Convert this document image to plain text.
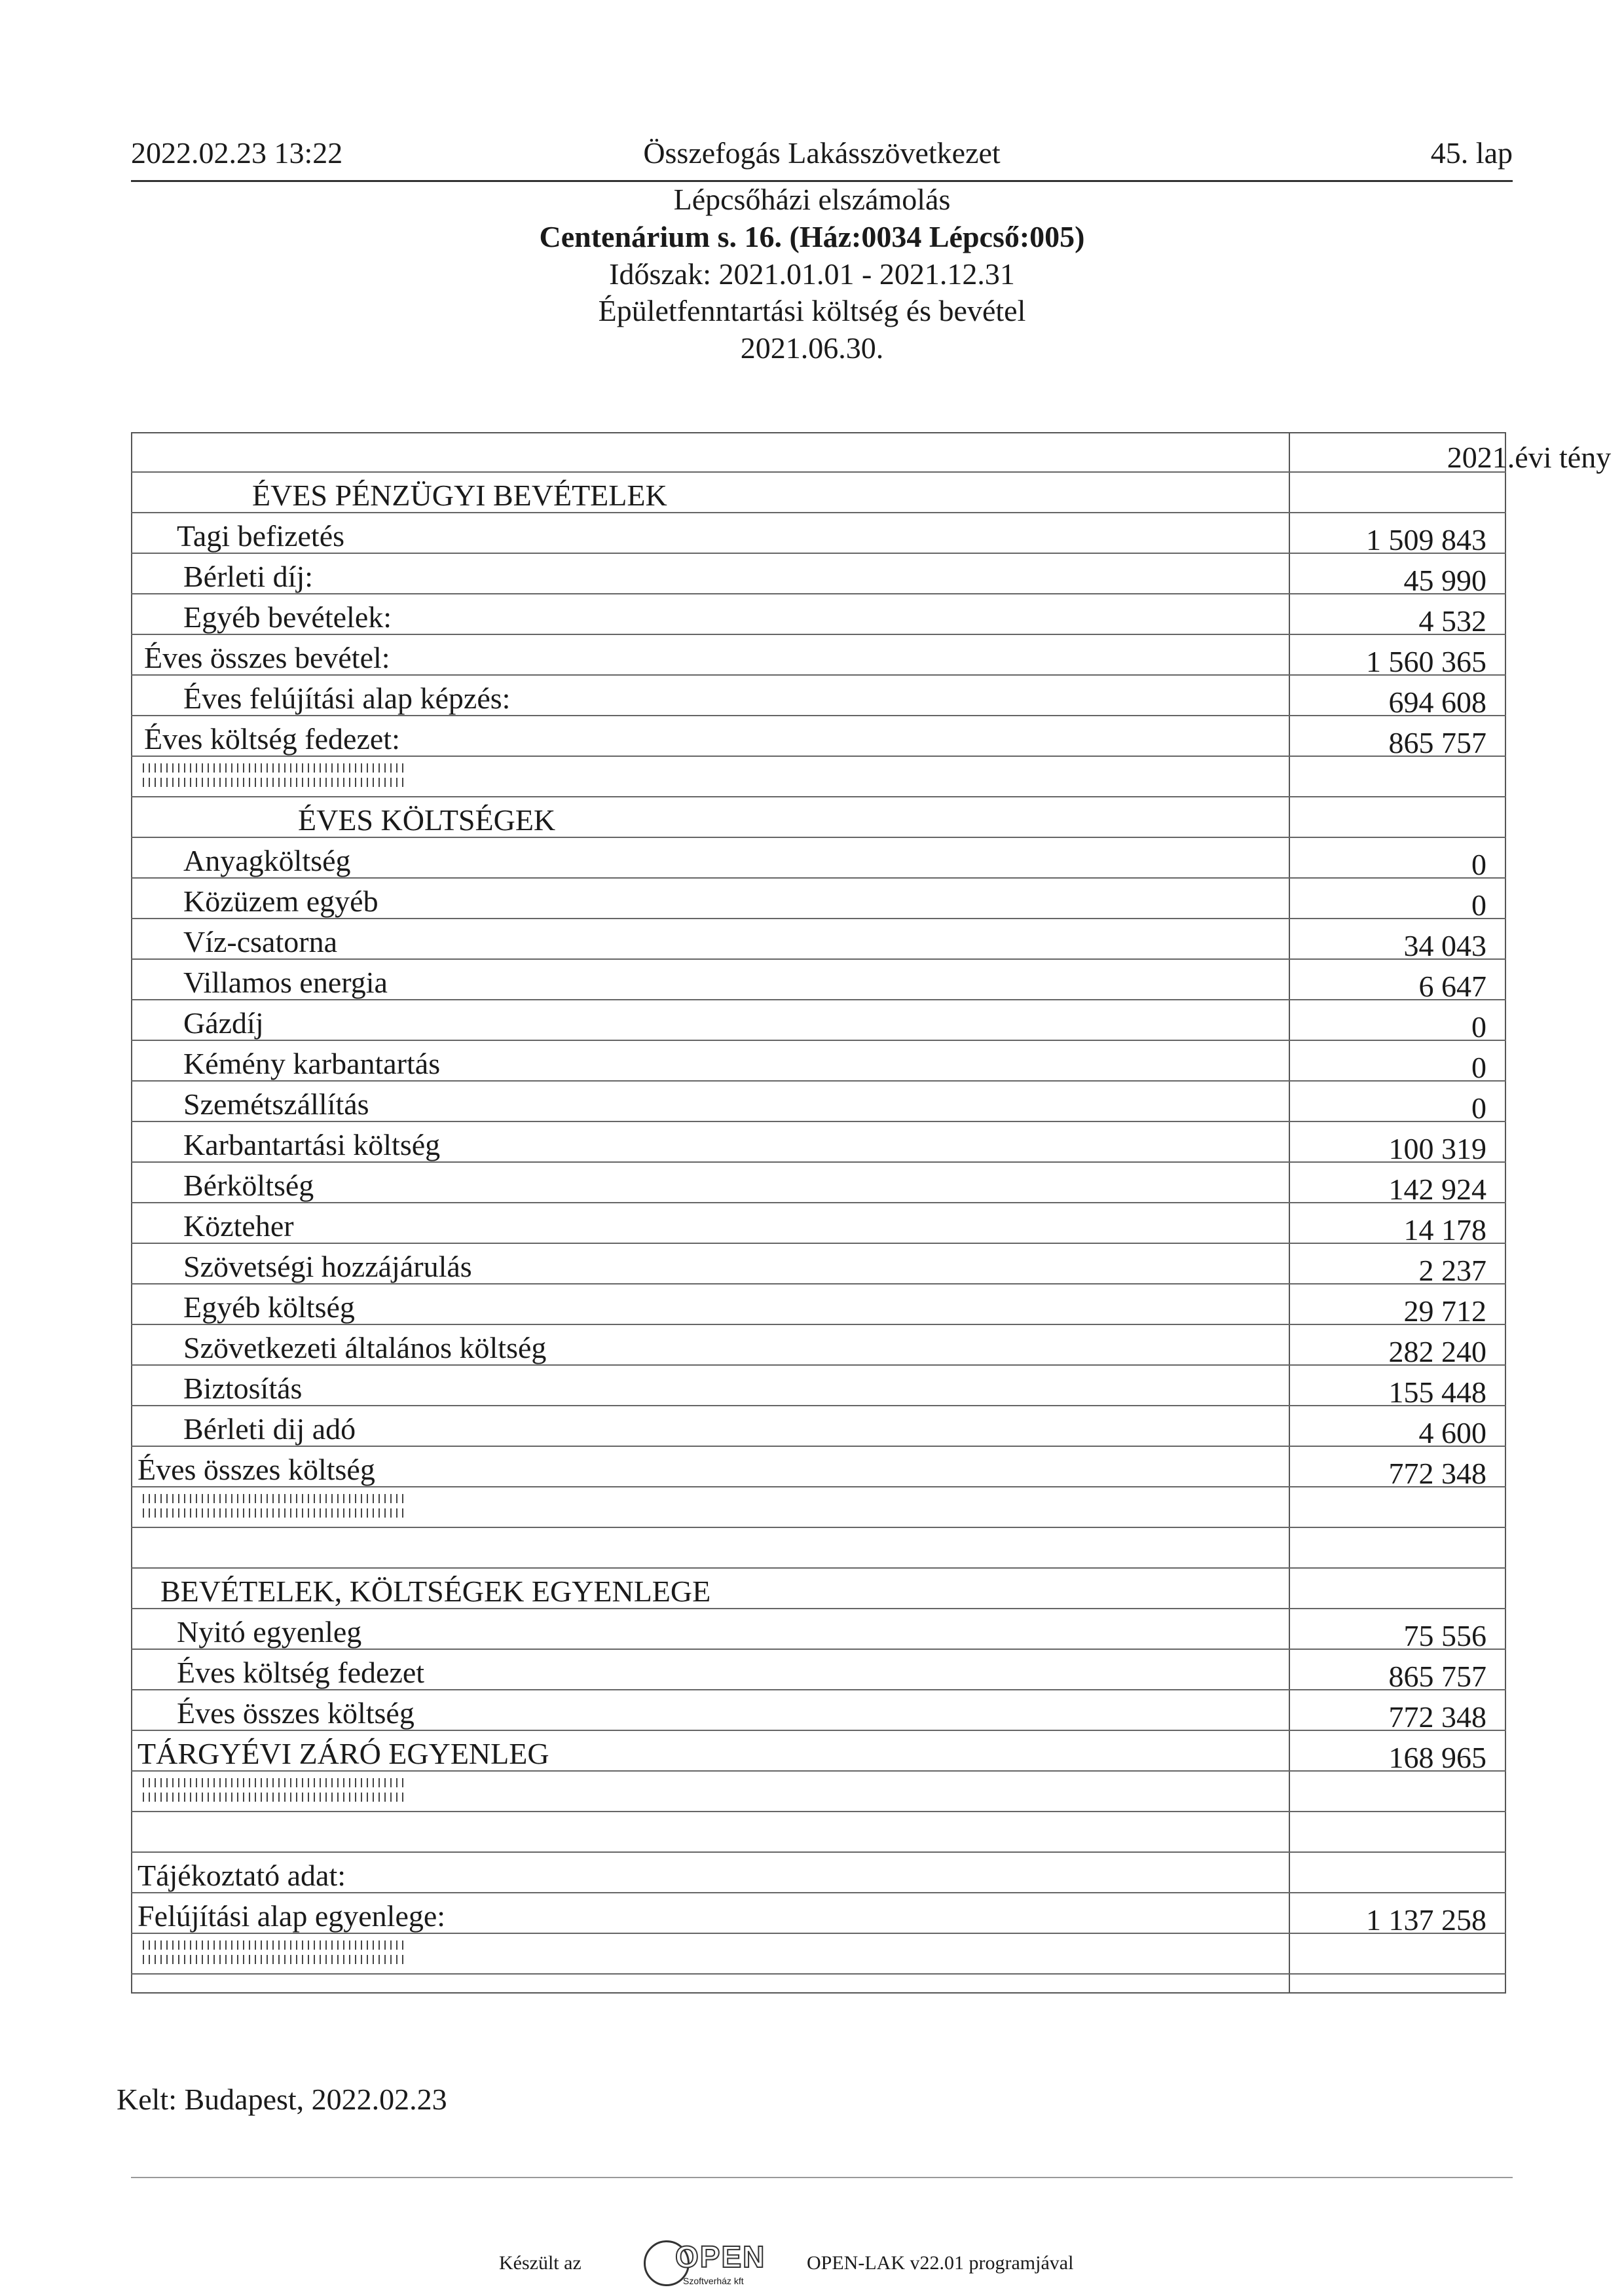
2022.02.23 13:22	Összefogás Lakásszövetkezet	45. lap
Lépcsőházi elszámolás
Centenárium s. 16. (Ház:0034 Lépcső:005)
Időszak: 2021.01.01 - 2021.12.31
Épületfenntartási költség és bevétel
2021.06.30.
2021.évi tény
ÉVES PÉNZÜGYI BEVÉTELEK
Tagi befizetés	1 509 843
Bérleti díj:	45 990
Egyéb bevételek:	4 532
Éves összes bevétel:	1 560 365
Éves felújítási alap képzés:	694 608
Éves költség fedezet:	865 757
ÉVES KÖLTSÉGEK
Anyagköltség	0
Közüzem egyéb	0
Víz-csatorna	34 043
Villamos energia	6 647
Gázdíj	0
Kémény karbantartás	0
Szemétszállítás	0
Karbantartási költség	100 319
Bérköltség	142 924
Közteher	14 178
Szövetségi hozzájárulás	2 237
Egyéb költség	29 712
Szövetkezeti általános költség	282 240
Biztosítás	155 448
Bérleti dij adó	4 600
Éves összes költség	772 348
BEVÉTELEK, KÖLTSÉGEK EGYENLEGE
Nyitó egyenleg	75 556
Éves költség fedezet	865 757
Éves összes költség	772 348
TÁRGYÉVI ZÁRÓ EGYENLEG	168 965
Tájékoztató adat:
Felújítási alap egyenlege:	1 137 258
Kelt: Budapest, 2022.02.23
Készült az	OPEN
Szoftverház kft
OPEN-LAK v22.01 programjával
